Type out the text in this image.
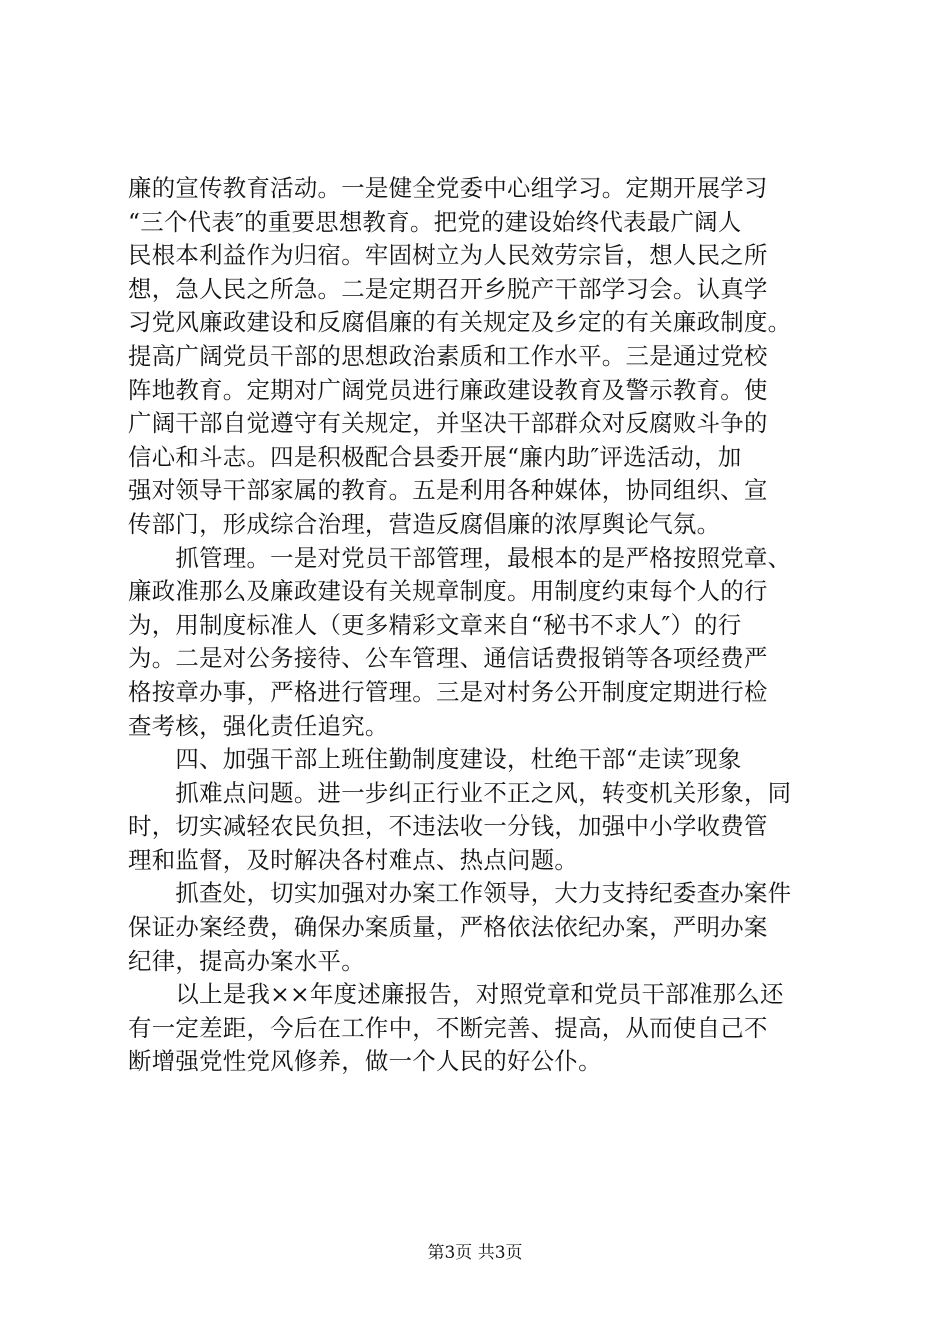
廉的宣传教育活动。一是健全党委中心组学习。定期开展学习
“三个代表″的重要思想教育。把党的建设始终代表最广阔人
民根本利益作为归宿。牢固树立为人民效劳宗旨，想人民之所
想，急人民之所急。二是定期召开乡脱产干部学习会。认真学
习党风廉政建设和反腐倡廉的有关规定及乡定的有关廉政制度。
提高广阔党员干部的思想政治素质和工作水平。三是通过党校
阵地教育。定期对广阔党员进行廉政建设教育及警示教育。使
广阔干部自觉遵守有关规定，并坚决干部群众对反腐败斗争的
信心和斗志。四是积极配合县委开展“廉内助″评选活动，加
强对领导干部家属的教育。五是利用各种媒体，协同组织、宣
传部门，形成综合治理，营造反腐倡廉的浓厚舆论气氛。
　　抓管理。一是对党员干部管理，最根本的是严格按照党章、
廉政准那么及廉政建设有关规章制度。用制度约束每个人的行
为，用制度标准人（更多精彩文章来自“秘书不求人″）的行
为。二是对公务接待、公车管理、通信话费报销等各项经费严
格按章办事，严格进行管理。三是对村务公开制度定期进行检
查考核，强化责任追究。
　　四、加强干部上班住勤制度建设，杜绝干部“走读″现象
　　抓难点问题。进一步纠正行业不正之风，转变机关形象，同
时，切实减轻农民负担，不违法收一分钱，加强中小学收费管
理和监督，及时解决各村难点、热点问题。
　　抓查处，切实加强对办案工作领导，大力支持纪委查办案件
保证办案经费，确保办案质量，严格依法依纪办案，严明办案
纪律，提高办案水平。
　　以上是我××年度述廉报告，对照党章和党员干部准那么还
有一定差距，今后在工作中，不断完善、提高，从而使自己不
断增强党性党风修养，做一个人民的好公仆。
第3页 共3页
